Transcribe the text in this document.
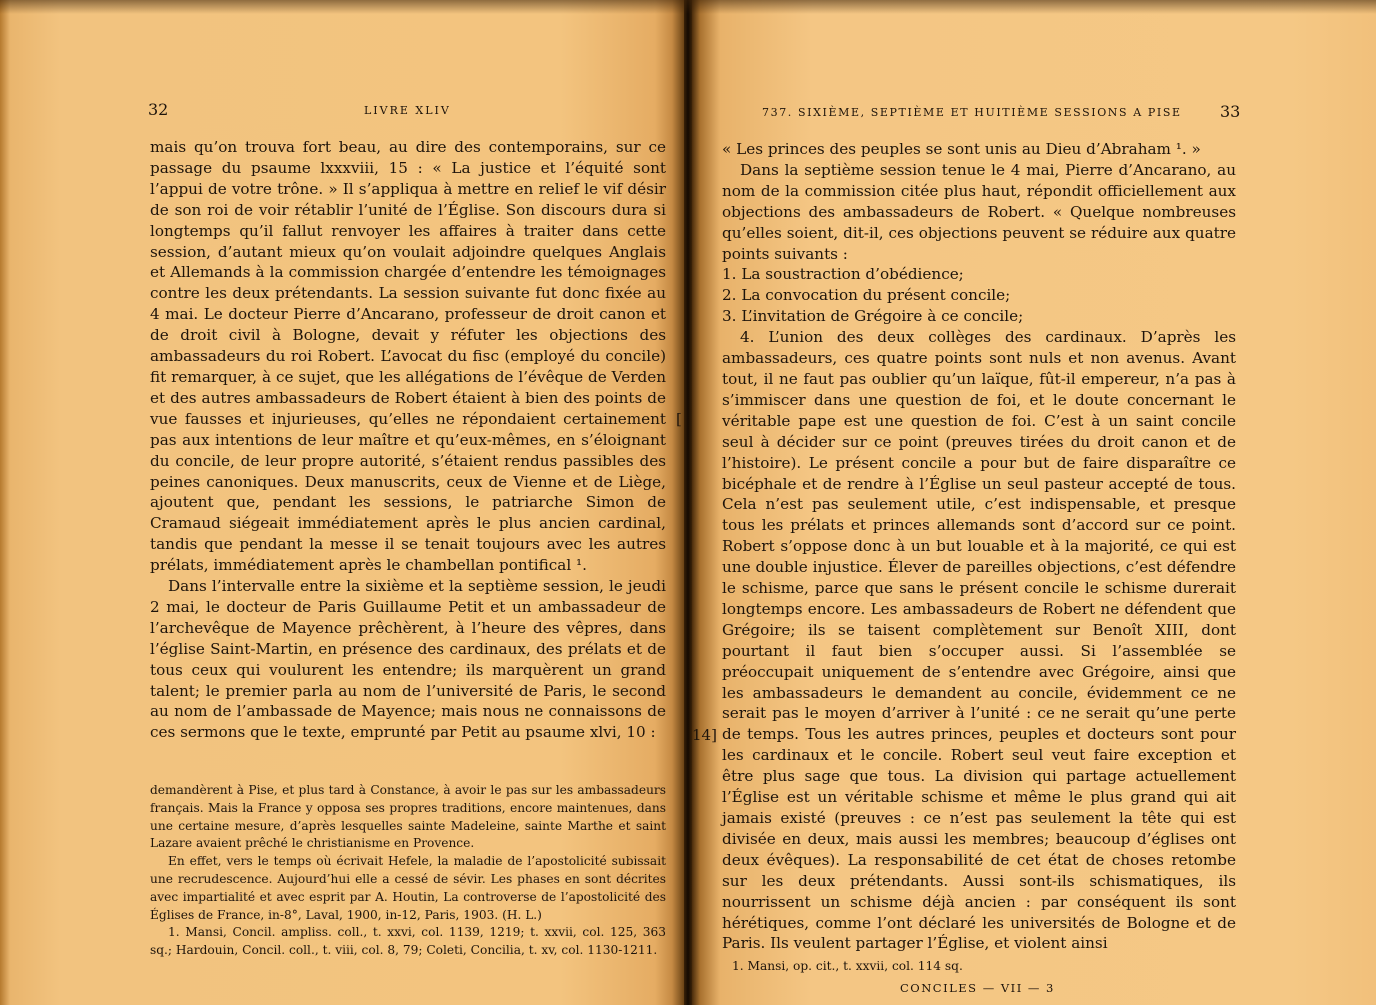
32	LIVRE XLIV

mais qu’on trouva fort beau, au dire des contemporains, sur ce passage du psaume lxxxviii, 15 : « La justice et l’équité sont l’appui de votre trône. » Il s’appliqua à mettre en relief le vif désir de son roi de voir rétablir l’unité de l’Église. Son discours dura si longtemps qu’il fallut renvoyer les affaires à traiter dans cette session, d’autant mieux qu’on voulait adjoindre quelques Anglais et Allemands à la commission chargée d’entendre les témoignages contre les deux prétendants. La session suivante fut donc fixée au 4 mai. Le docteur Pierre d’Ancarano, professeur de droit canon et de droit civil à Bologne, devait y réfuter les objections des ambassadeurs du roi Robert. L’avocat du fisc (employé du concile) fit remarquer, à ce sujet, que les allégations de l’évêque de Verden et des autres ambassadeurs de Robert étaient à bien des points de vue fausses et injurieuses, qu’elles ne répondaient certainement pas aux intentions de leur maître et qu’eux-mêmes, en s’éloignant du concile, de leur propre autorité, s’étaient rendus passibles des peines canoniques. Deux manuscrits, ceux de Vienne et de Liège, ajoutent que, pendant les sessions, le patriarche Simon de Cramaud siégeait immédiatement après le plus ancien cardinal, tandis que pendant la messe il se tenait toujours avec les autres prélats, immédiatement après le chambellan pontifical ¹.

Dans l’intervalle entre la sixième et la septième session, le jeudi 2 mai, le docteur de Paris Guillaume Petit et un ambassadeur de l’archevêque de Mayence prêchèrent, à l’heure des vêpres, dans l’église Saint-Martin, en présence des cardinaux, des prélats et de tous ceux qui voulurent les entendre; ils marquèrent un grand talent; le premier parla au nom de l’université de Paris, le second au nom de l’ambassade de Mayence; mais nous ne connaissons de ces sermons que le texte, emprunté par Petit au psaume xlvi, 10 :

demandèrent à Pise, et plus tard à Constance, à avoir le pas sur les ambassadeurs français. Mais la France y opposa ses propres traditions, encore maintenues, dans une certaine mesure, d’après lesquelles sainte Madeleine, sainte Marthe et saint Lazare avaient prêché le christianisme en Provence.

En effet, vers le temps où écrivait Hefele, la maladie de l’apostolicité subissait une recrudescence. Aujourd’hui elle a cessé de sévir. Les phases en sont décrites avec impartialité et avec esprit par A. Houtin, La controverse de l’apostolicité des Églises de France, in-8°, Laval, 1900, in-12, Paris, 1903. (H. L.)

1. Mansi, Concil. ampliss. coll., t. xxvi, col. 1139, 1219; t. xxvii, col. 125, 363 sq.; Hardouin, Concil. coll., t. viii, col. 8, 79; Coleti, Concilia, t. xv, col. 1130-1211.

[
737. SIXIÈME, SEPTIÈME ET HUITIÈME SESSIONS A PISE 33

« Les princes des peuples se sont unis au Dieu d’Abraham ¹. »

Dans la septième session tenue le 4 mai, Pierre d’Ancarano, au nom de la commission citée plus haut, répondit officiellement aux objections des ambassadeurs de Robert. « Quelque nombreuses qu’elles soient, dit-il, ces objections peuvent se réduire aux quatre points suivants :

1. La soustraction d’obédience;

2. La convocation du présent concile;

3. L’invitation de Grégoire à ce concile;

4. L’union des deux collèges des cardinaux. D’après les ambassadeurs, ces quatre points sont nuls et non avenus. Avant tout, il ne faut pas oublier qu’un laïque, fût-il empereur, n’a pas à s’immiscer dans une question de foi, et le doute concernant le véritable pape est une question de foi. C’est à un saint concile seul à décider sur ce point (preuves tirées du droit canon et de l’histoire). Le présent concile a pour but de faire disparaître ce bicéphale et de rendre à l’Église un seul pasteur accepté de tous. Cela n’est pas seulement utile, c’est indispensable, et presque tous les prélats et princes allemands sont d’accord sur ce point. Robert s’oppose donc à un but louable et à la majorité, ce qui est une double injustice. Élever de pareilles objections, c’est défendre le schisme, parce que sans le présent concile le schisme durerait longtemps encore. Les ambassadeurs de Robert ne défendent que Grégoire; ils se taisent complètement sur Benoît XIII, dont pourtant il faut bien s’occuper aussi. Si l’assemblée se préoccupait uniquement de s’entendre avec Grégoire, ainsi que les ambassadeurs le demandent au concile, évidemment ce ne serait pas le moyen d’arriver à l’unité : ce ne serait qu’une perte de temps. Tous les autres princes, peuples et docteurs sont pour les cardinaux et le concile. Robert seul veut faire exception et être plus sage que tous. La division qui partage actuellement l’Église est un véritable schisme et même le plus grand qui ait jamais existé (preuves : ce n’est pas seulement la tête qui est divisée en deux, mais aussi les membres; beaucoup d’églises ont deux évêques). La responsabilité de cet état de choses retombe sur les deux prétendants. Aussi sont-ils schismatiques, ils nourrissent un schisme déjà ancien : par conséquent ils sont hérétiques, comme l’ont déclaré les universités de Bologne et de Paris. Ils veulent partager l’Église, et violent ainsi

1. Mansi, op. cit., t. xxvii, col. 114 sq.

CONCILES — VII — 3
14]
